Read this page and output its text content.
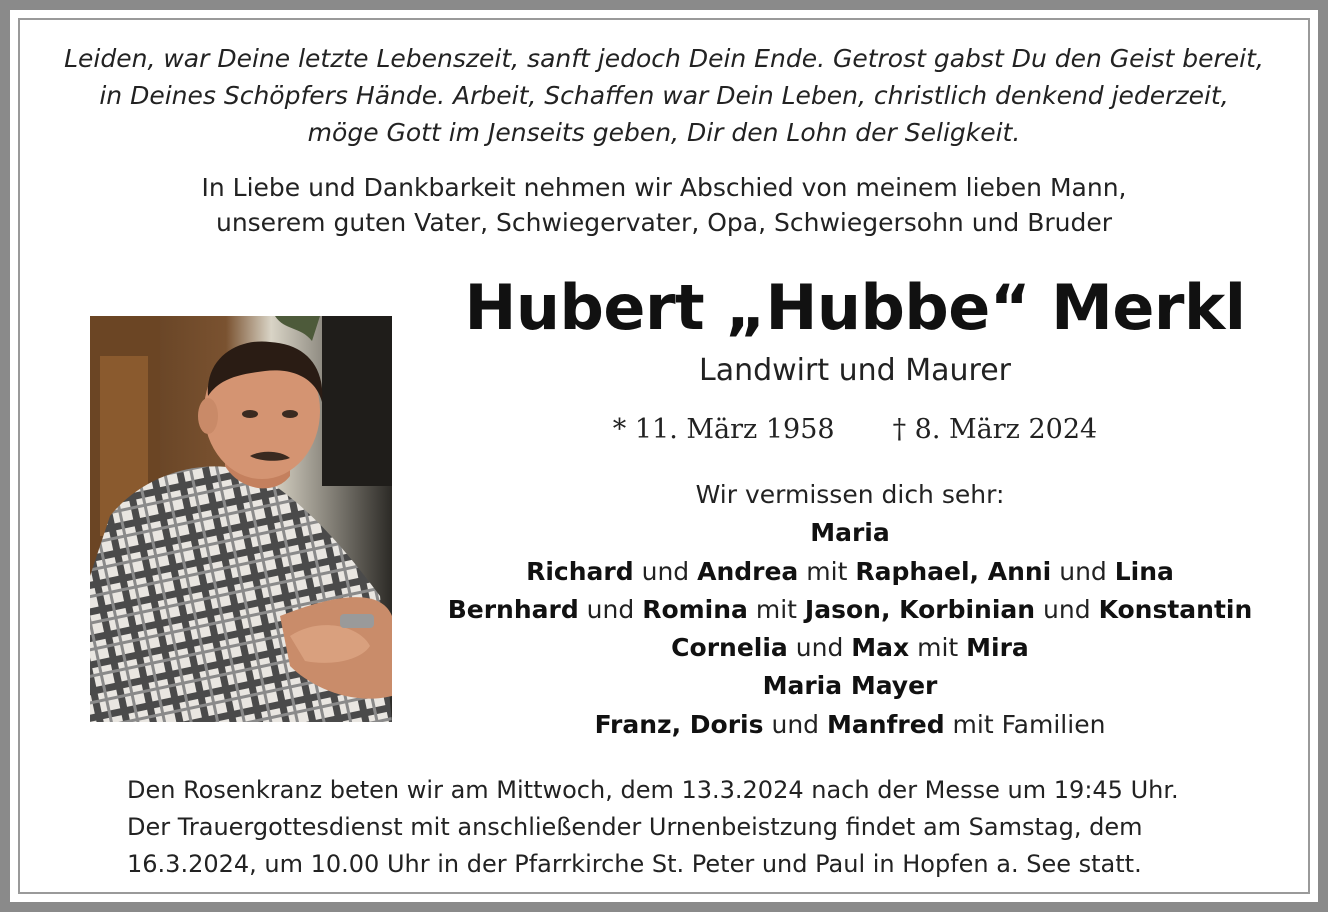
Leiden, war Deine letzte Lebenszeit, sanft jedoch Dein Ende. Getrost gabst Du den Geist bereit,
in Deines Schöpfers Hände. Arbeit, Schaffen war Dein Leben, christlich denkend jederzeit,
möge Gott im Jenseits geben, Dir den Lohn der Seligkeit.
In Liebe und Dankbarkeit nehmen wir Abschied von meinem lieben Mann,
unserem guten Vater, Schwiegervater, Opa, Schwiegersohn und Bruder
Hubert „Hubbe“ Merkl
Landwirt und Maurer
* 11. März 1958 † 8. März 2024
Wir vermissen dich sehr:
Maria
Richard und Andrea mit Raphael, Anni und Lina
Bernhard und Romina mit Jason, Korbinian und Konstantin
Cornelia und Max mit Mira
Maria Mayer
Franz, Doris und Manfred mit Familien
Den Rosenkranz beten wir am Mittwoch, dem 13.3.2024 nach der Messe um 19:45 Uhr.
Der Trauergottesdienst mit anschließender Urnenbeistzung findet am Samstag, dem
16.3.2024, um 10.00 Uhr in der Pfarrkirche St. Peter und Paul in Hopfen a. See statt.
